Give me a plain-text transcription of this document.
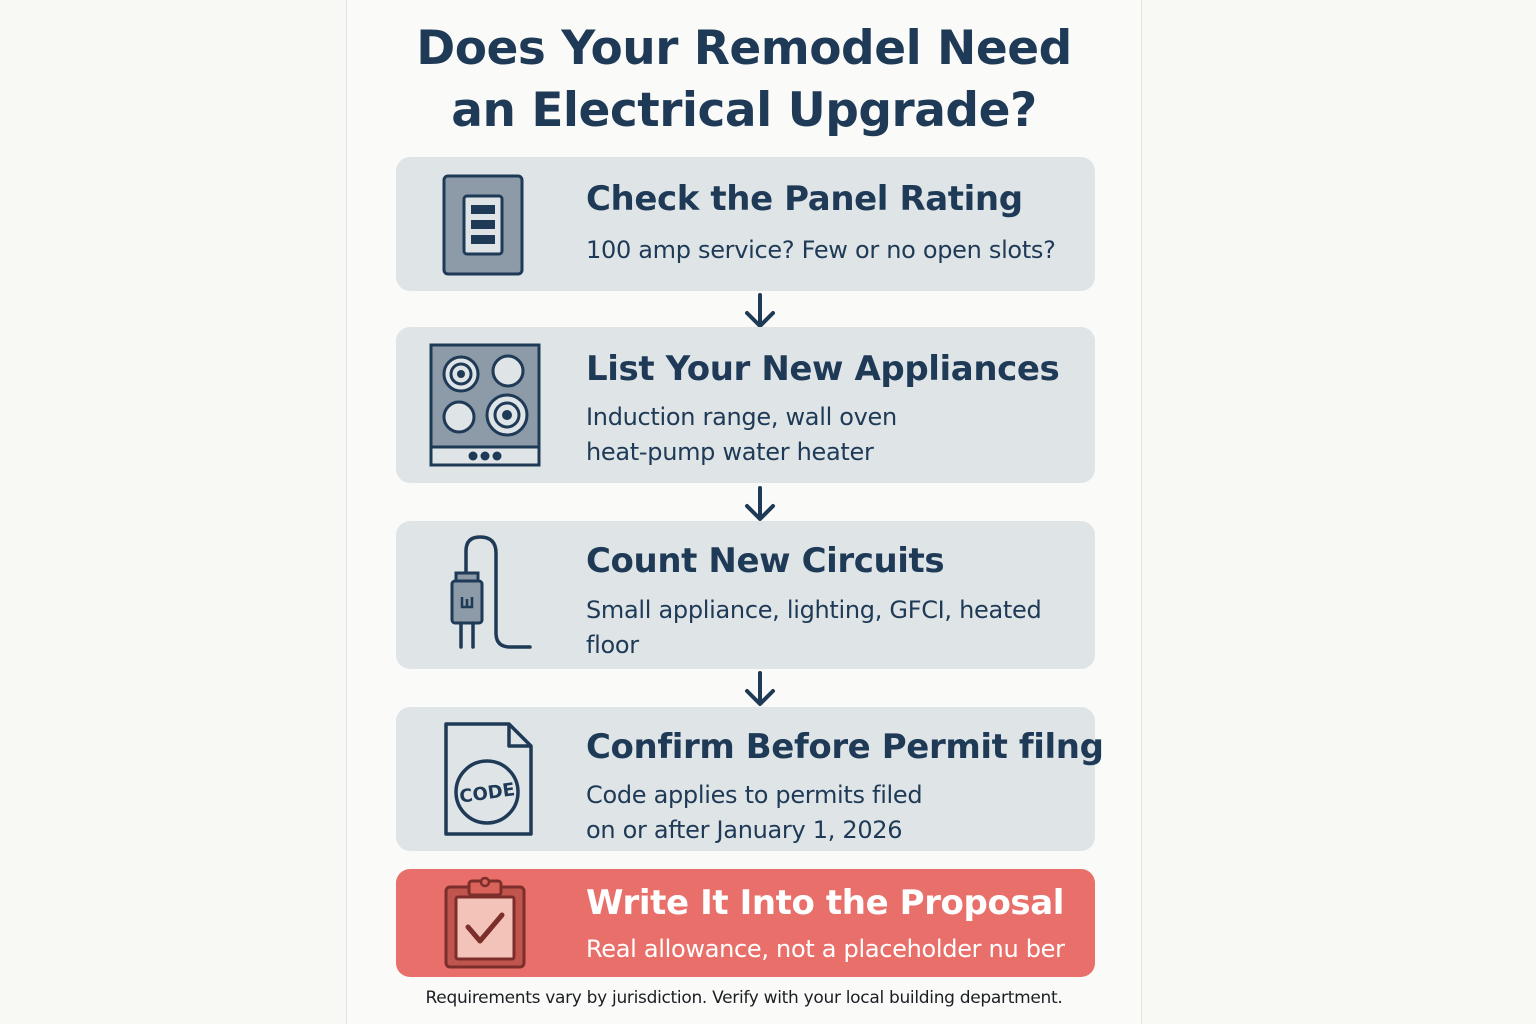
Does Your Remodel Need
an Electrical Upgrade?
Check the Panel Rating
100 amp service? Few or no open slots?
List Your New Appliances
Induction range, wall oven
heat-pump water heater
Count New Circuits
Small appliance, lighting, GFCI, heated
floor
CODE
Confirm Before Permit filng
Code applies to permits filed
on or after January 1, 2026
Write It Into the Proposal
Real allowance, not a placeholder nu ber
Requirements vary by jurisdiction. Verify with your local building department.
